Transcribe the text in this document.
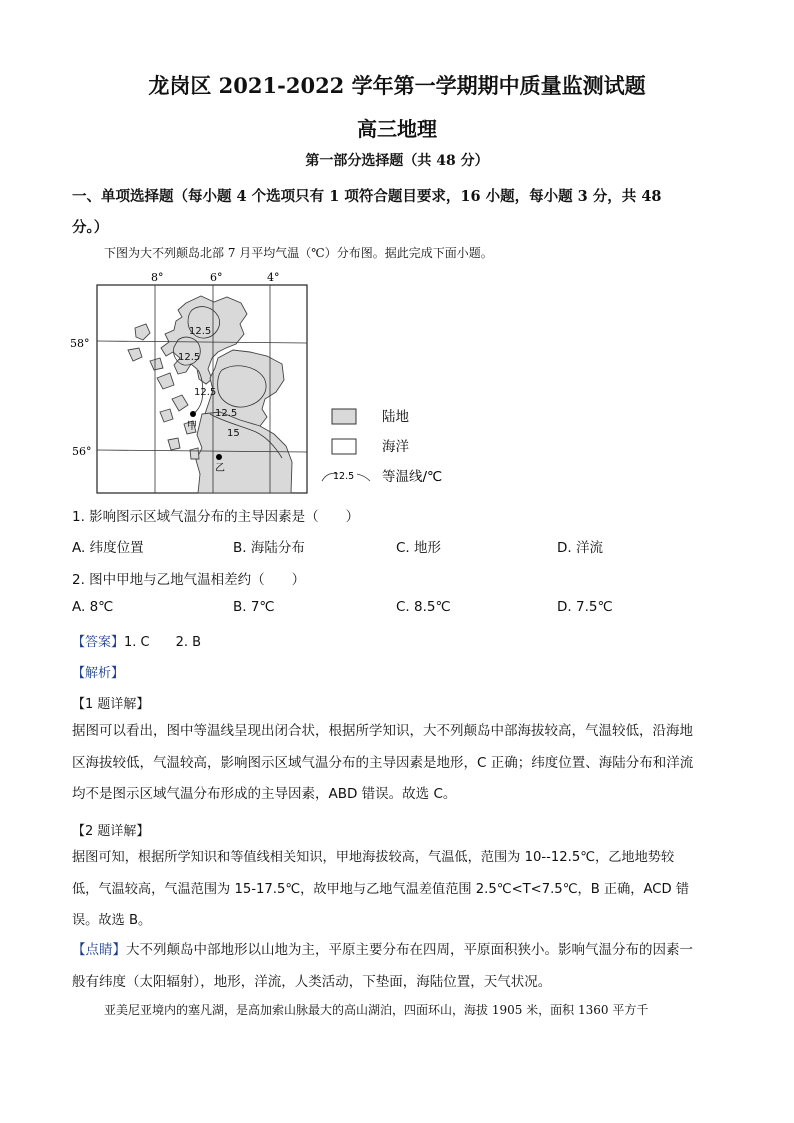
龙岗区 2021-2022 学年第一学期期中质量监测试题
高三地理
第一部分选择题（共 48 分）
一、单项选择题（每小题 4 个选项只有 1 项符合题目要求，16 小题，每小题 3 分，共 48
分。）
下图为大不列颠岛北部 7 月平均气温（℃）分布图。据此完成下面小题。
8°	6°	4°
58°
56°
12.5
12.5
12.5
12.5
15
甲
乙
陆地
海洋
12.5 等温线/℃
1. 影响图示区域气温分布的主导因素是（　　）
A. 纬度位置	B. 海陆分布	C. 地形	D. 洋流
2. 图中甲地与乙地气温相差约（　　）
A. 8℃	B. 7℃	C. 8.5℃	D. 7.5℃
【答案】1. C 2. B
【解析】
【1 题详解】
据图可以看出，图中等温线呈现出闭合状，根据所学知识，大不列颠岛中部海拔较高，气温较低，沿海地
区海拔较低，气温较高，影响图示区域气温分布的主导因素是地形，C 正确；纬度位置、海陆分布和洋流
均不是图示区域气温分布形成的主导因素，ABD 错误。故选 C。
【2 题详解】
据图可知，根据所学知识和等值线相关知识，甲地海拔较高，气温低，范围为 10--12.5℃，乙地地势较
低，气温较高，气温范围为 15-17.5℃，故甲地与乙地气温差值范围 2.5℃<T<7.5℃，B 正确，ACD 错
误。故选 B。
【点睛】大不列颠岛中部地形以山地为主，平原主要分布在四周，平原面积狭小。影响气温分布的因素一
般有纬度（太阳辐射），地形，洋流，人类活动，下垫面，海陆位置，天气状况。
亚美尼亚境内的塞凡湖，是高加索山脉最大的高山湖泊，四面环山，海拔 1905 米，面积 1360 平方千
